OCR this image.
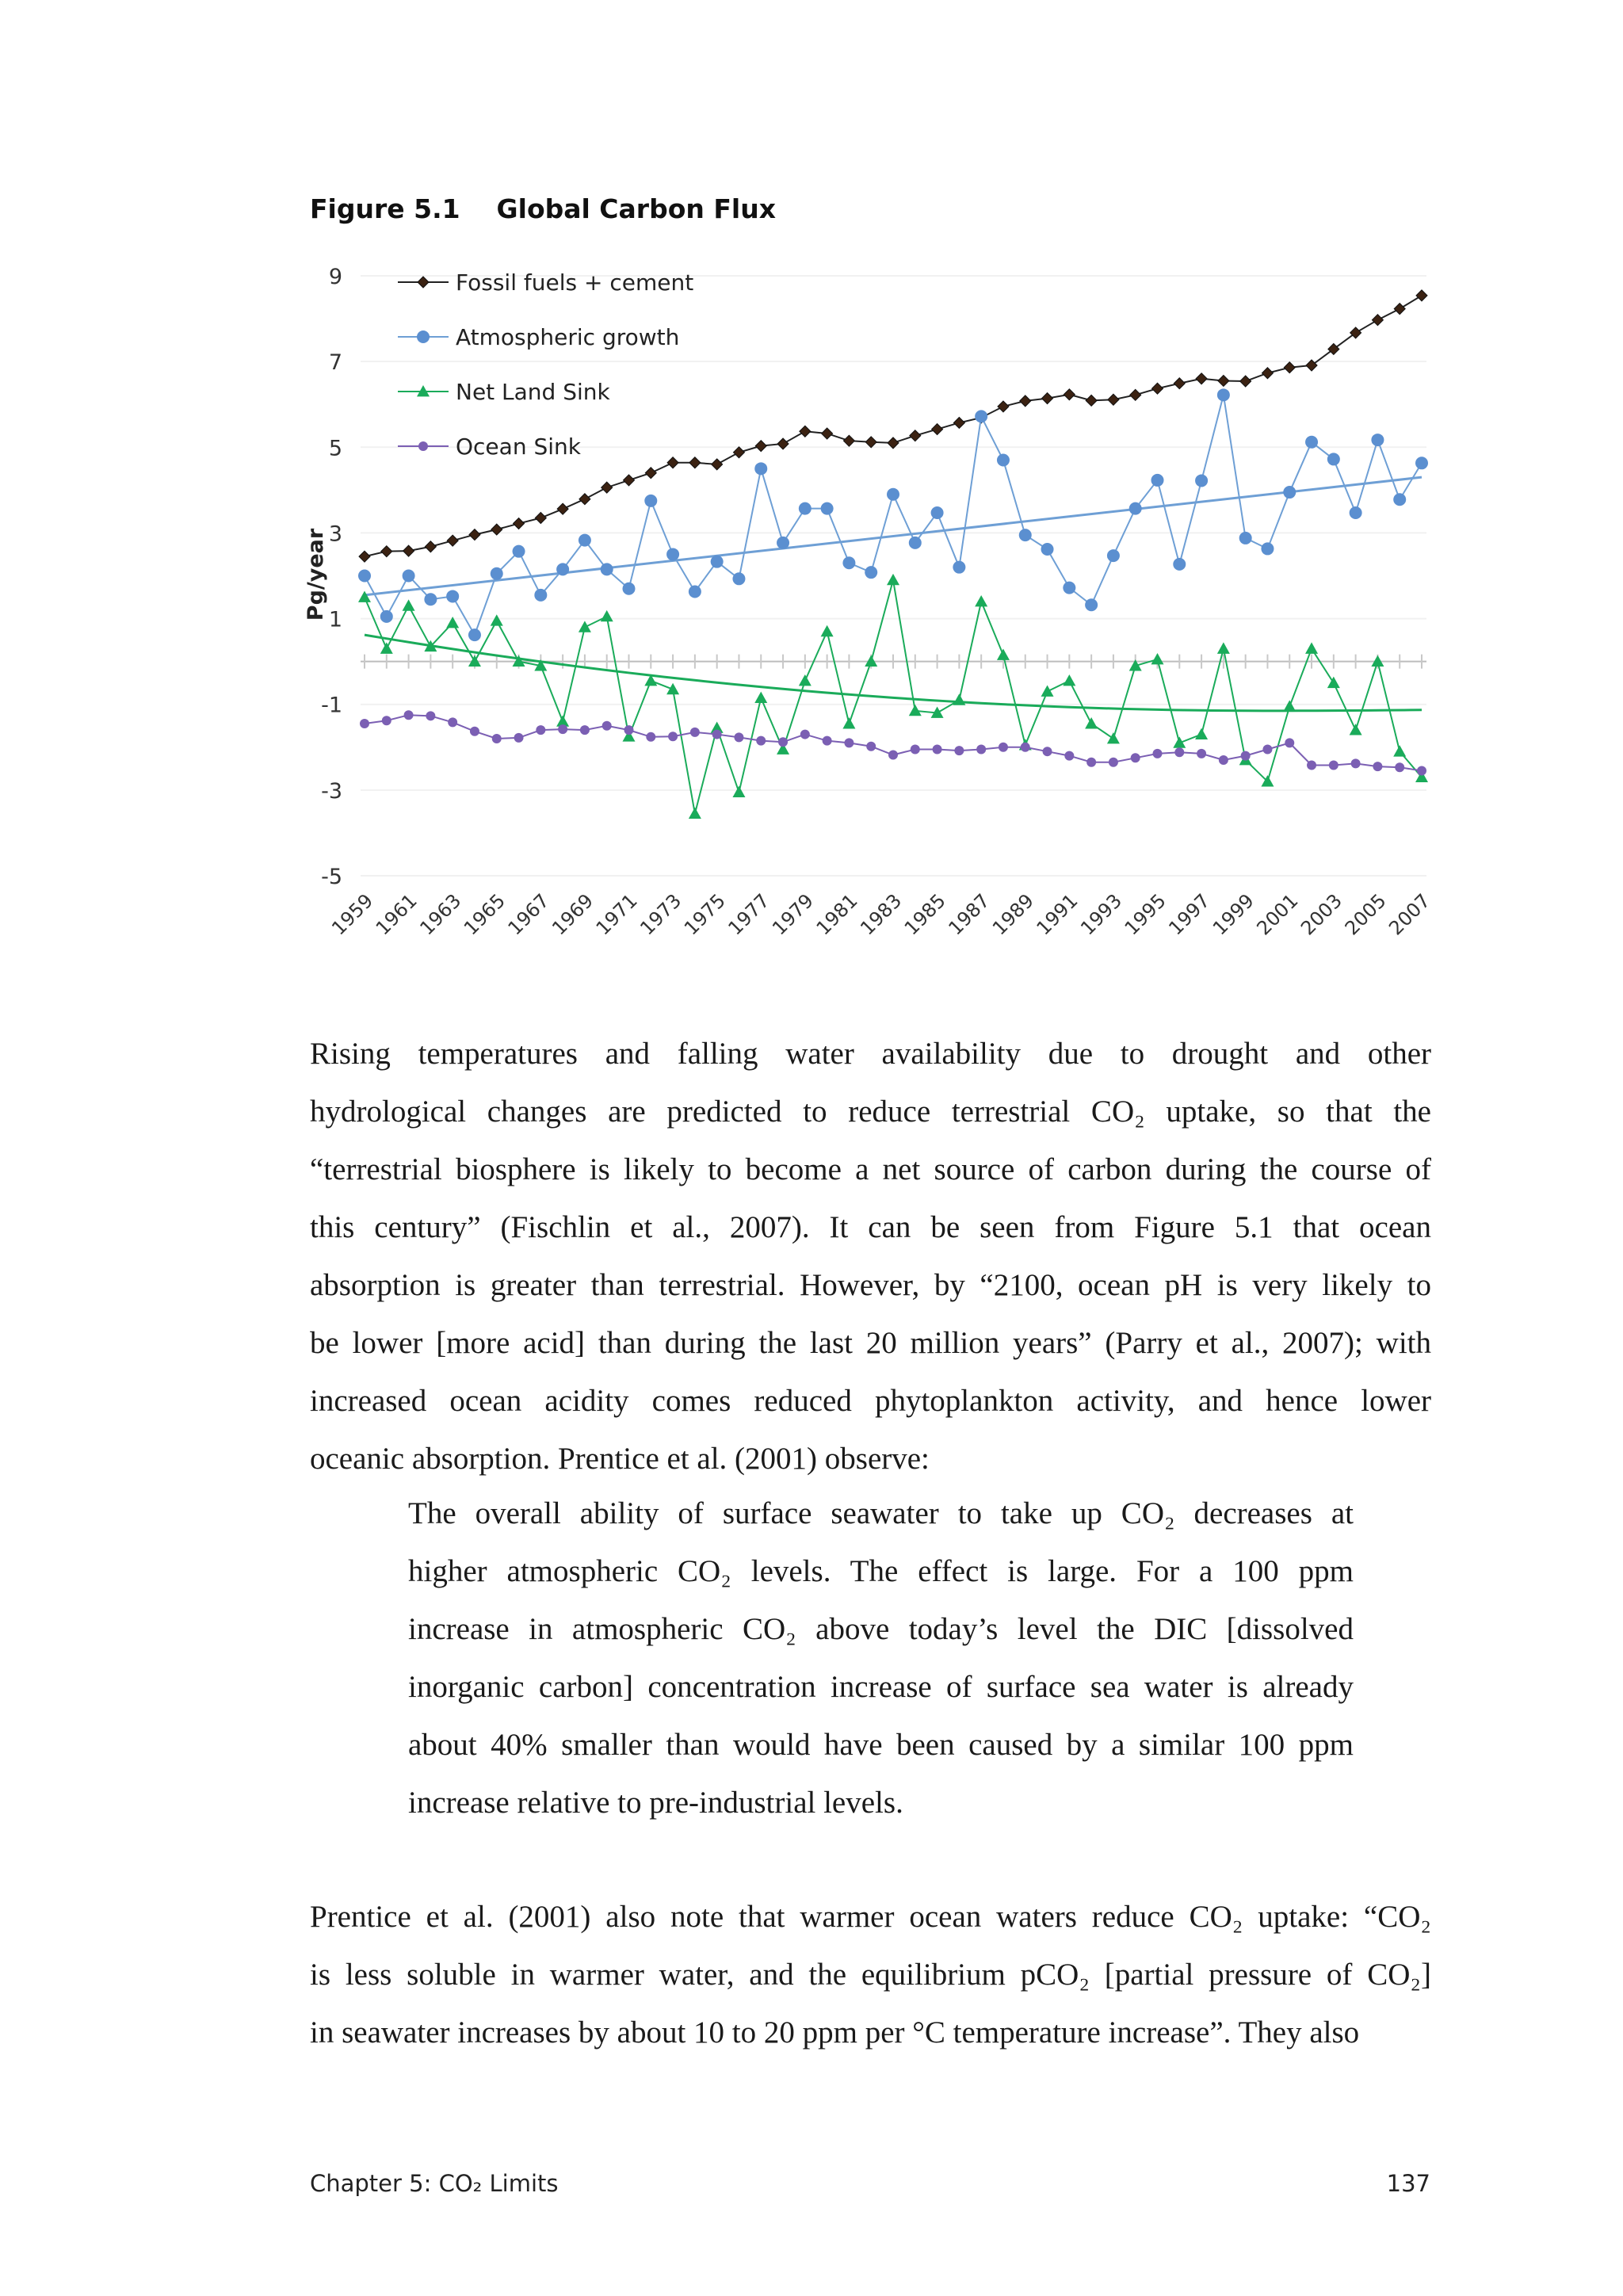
Figure 5.1 Global Carbon Flux
9
7
5
3
1
-1
-3
-5
Pg/year
1959
1961
1963
1965
1967
1969
1971
1973
1975
1977
1979
1981
1983
1985
1987
1989
1991
1993
1995
1997
1999
2001
2003
2005
2007
Fossil fuels + cement
Atmospheric growth
Net Land Sink
Ocean Sink
Rising temperatures and falling water availability due to drought and other
hydrological changes are predicted to reduce terrestrial CO₂ uptake, so that the
“terrestrial biosphere is likely to become a net source of carbon during the course of
this century” (Fischlin et al., 2007). It can be seen from Figure 5.1 that ocean
absorption is greater than terrestrial. However, by “2100, ocean pH is very likely to
be lower [more acid] than during the last 20 million years” (Parry et al., 2007); with
increased ocean acidity comes reduced phytoplankton activity, and hence lower
oceanic absorption. Prentice et al. (2001) observe:
The overall ability of surface seawater to take up CO₂ decreases at
higher atmospheric CO₂ levels. The effect is large. For a 100 ppm
increase in atmospheric CO₂ above today’s level the DIC [dissolved
inorganic carbon] concentration increase of surface sea water is already
about 40% smaller than would have been caused by a similar 100 ppm
increase relative to pre-industrial levels.
Prentice et al. (2001) also note that warmer ocean waters reduce CO₂ uptake: “CO₂
is less soluble in warmer water, and the equilibrium pCO₂ [partial pressure of CO₂]
in seawater increases by about 10 to 20 ppm per °C temperature increase”. They also
Chapter 5: CO₂ Limits	137
